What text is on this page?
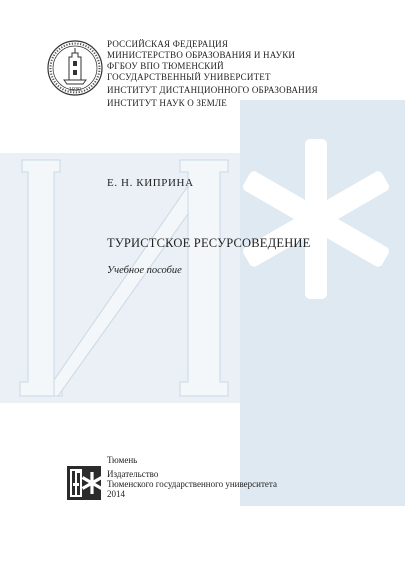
1930
РОССИЙСКАЯ ФЕДЕРАЦИЯ
МИНИСТЕРСТВО ОБРАЗОВАНИЯ И НАУКИ
ФГБОУ ВПО ТЮМЕНСКИЙ
ГОСУДАРСТВЕННЫЙ УНИВЕРСИТЕТ
ИНСТИТУТ ДИСТАНЦИОННОГО ОБРАЗОВАНИЯ
ИНСТИТУТ НАУК О ЗЕМЛЕ
Е. Н. КИПРИНА
ТУРИСТСКОЕ РЕСУРСОВЕДЕНИЕ
Учебное пособие
Тюмень
Издательство
Тюменского государственного университета
2014
